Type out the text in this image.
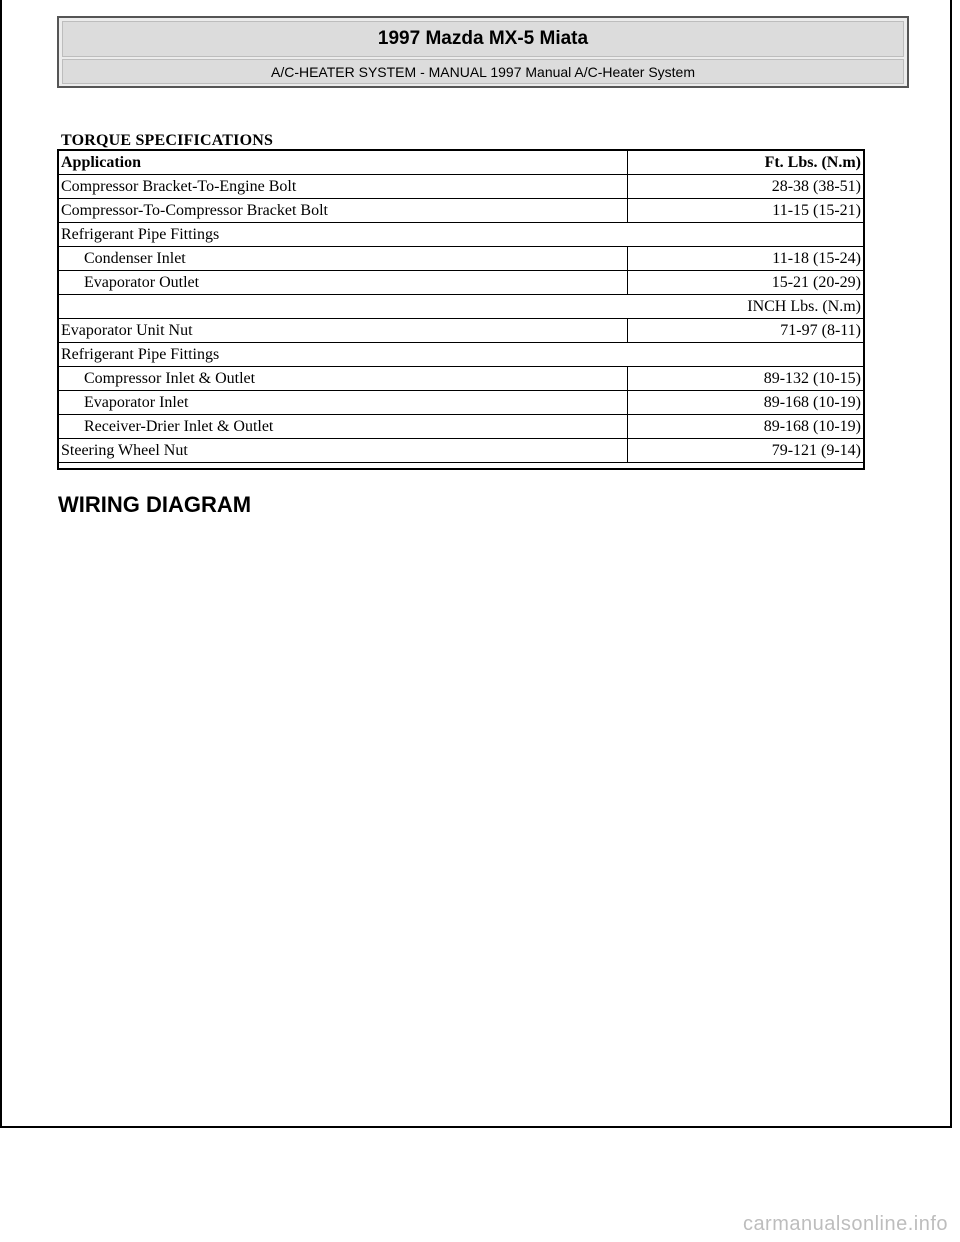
1997 Mazda MX-5 Miata
A/C-HEATER SYSTEM - MANUAL 1997 Manual A/C-Heater System
TORQUE SPECIFICATIONS
Application	Ft. Lbs. (N.m)
Compressor Bracket-To-Engine Bolt	28-38 (38-51)
Compressor-To-Compressor Bracket Bolt	11-15 (15-21)
Refrigerant Pipe Fittings	
Condenser Inlet	11-18 (15-24)
Evaporator Outlet	15-21 (20-29)
INCH Lbs. (N.m)	
Evaporator Unit Nut	71-97 (8-11)
Refrigerant Pipe Fittings	
Compressor Inlet & Outlet	89-132 (10-15)
Evaporator Inlet	89-168 (10-19)
Receiver-Drier Inlet & Outlet	89-168 (10-19)
Steering Wheel Nut	79-121 (9-14)
WIRING DIAGRAM
carmanualsonline.info
